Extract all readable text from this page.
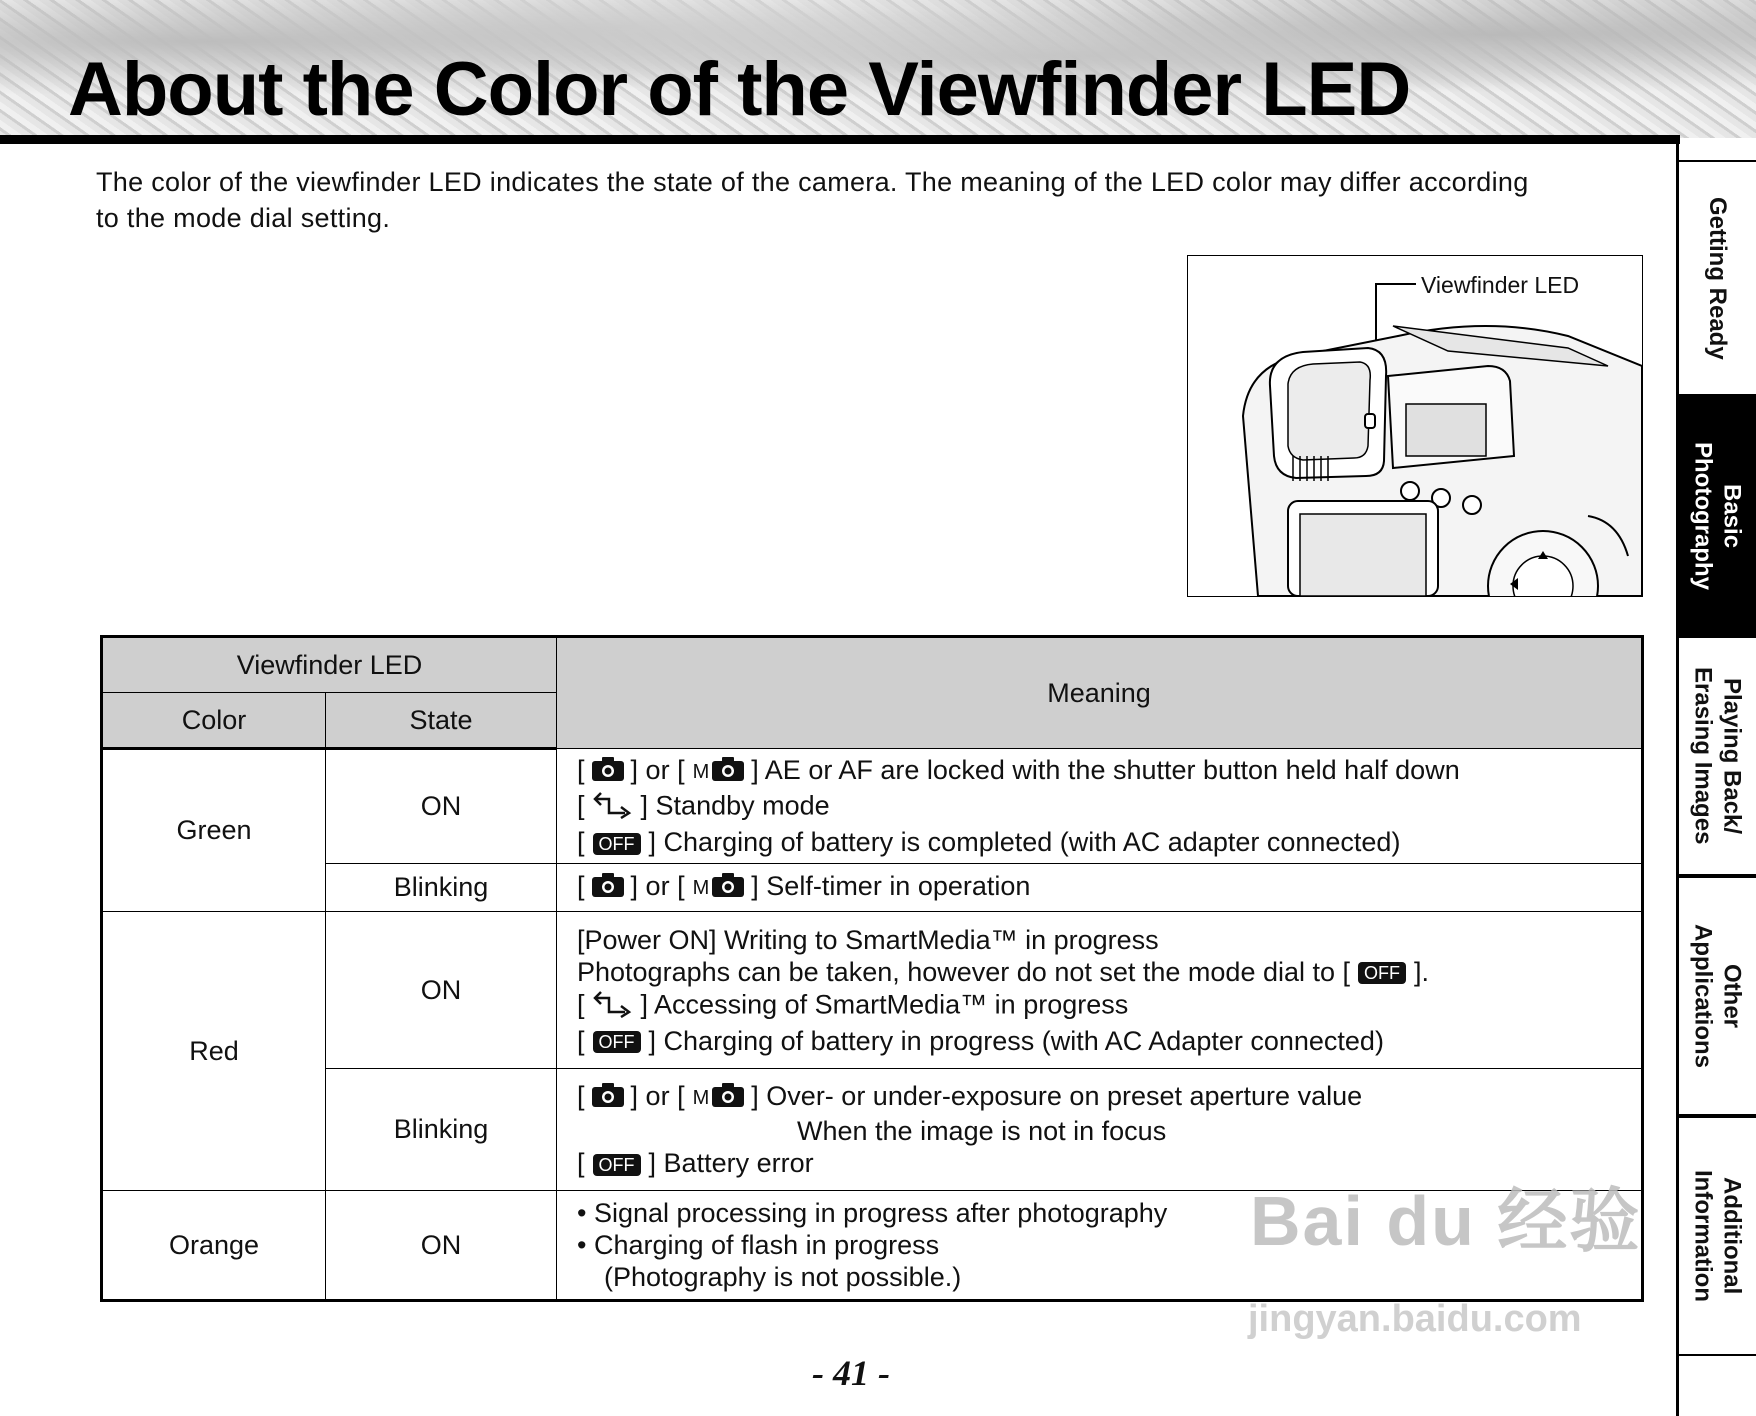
About the Color of the Viewfinder LED

The color of the viewfinder LED indicates the state of the camera. The meaning of the LED color may differ according to the mode dial setting.

Viewfinder LED
Viewfinder LED		Meaning
Color	State	
Green	ON	[ ] or [ M ] AE or AF are locked with the shutter button held half down
[ ] Standby mode
[ OFF ] Charging of battery is completed (with AC adapter connected)

	Blinking	[ ] or [ M ] Self-timer in operation

Red	ON	[Power ON] Writing to SmartMedia™ in progress
Photographs can be taken, however do not set the mode dial to [ OFF ].
[ ] Accessing of SmartMedia™ in progress
[ OFF ] Charging of battery in progress (with AC Adapter connected)

	Blinking	[ ] or [ M ] Over- or under-exposure on preset aperture value
When the image is not in focus
[ OFF ] Battery error

Orange	ON	• Signal processing in progress after photography
• Charging of flash in progress
(Photography is not possible.)
Bai du 经验
jingyan.baidu.com
Getting Ready
Basic
Photography
Playing Back/
Erasing Images
Other
Applications
Additional
Information
- 41 -
